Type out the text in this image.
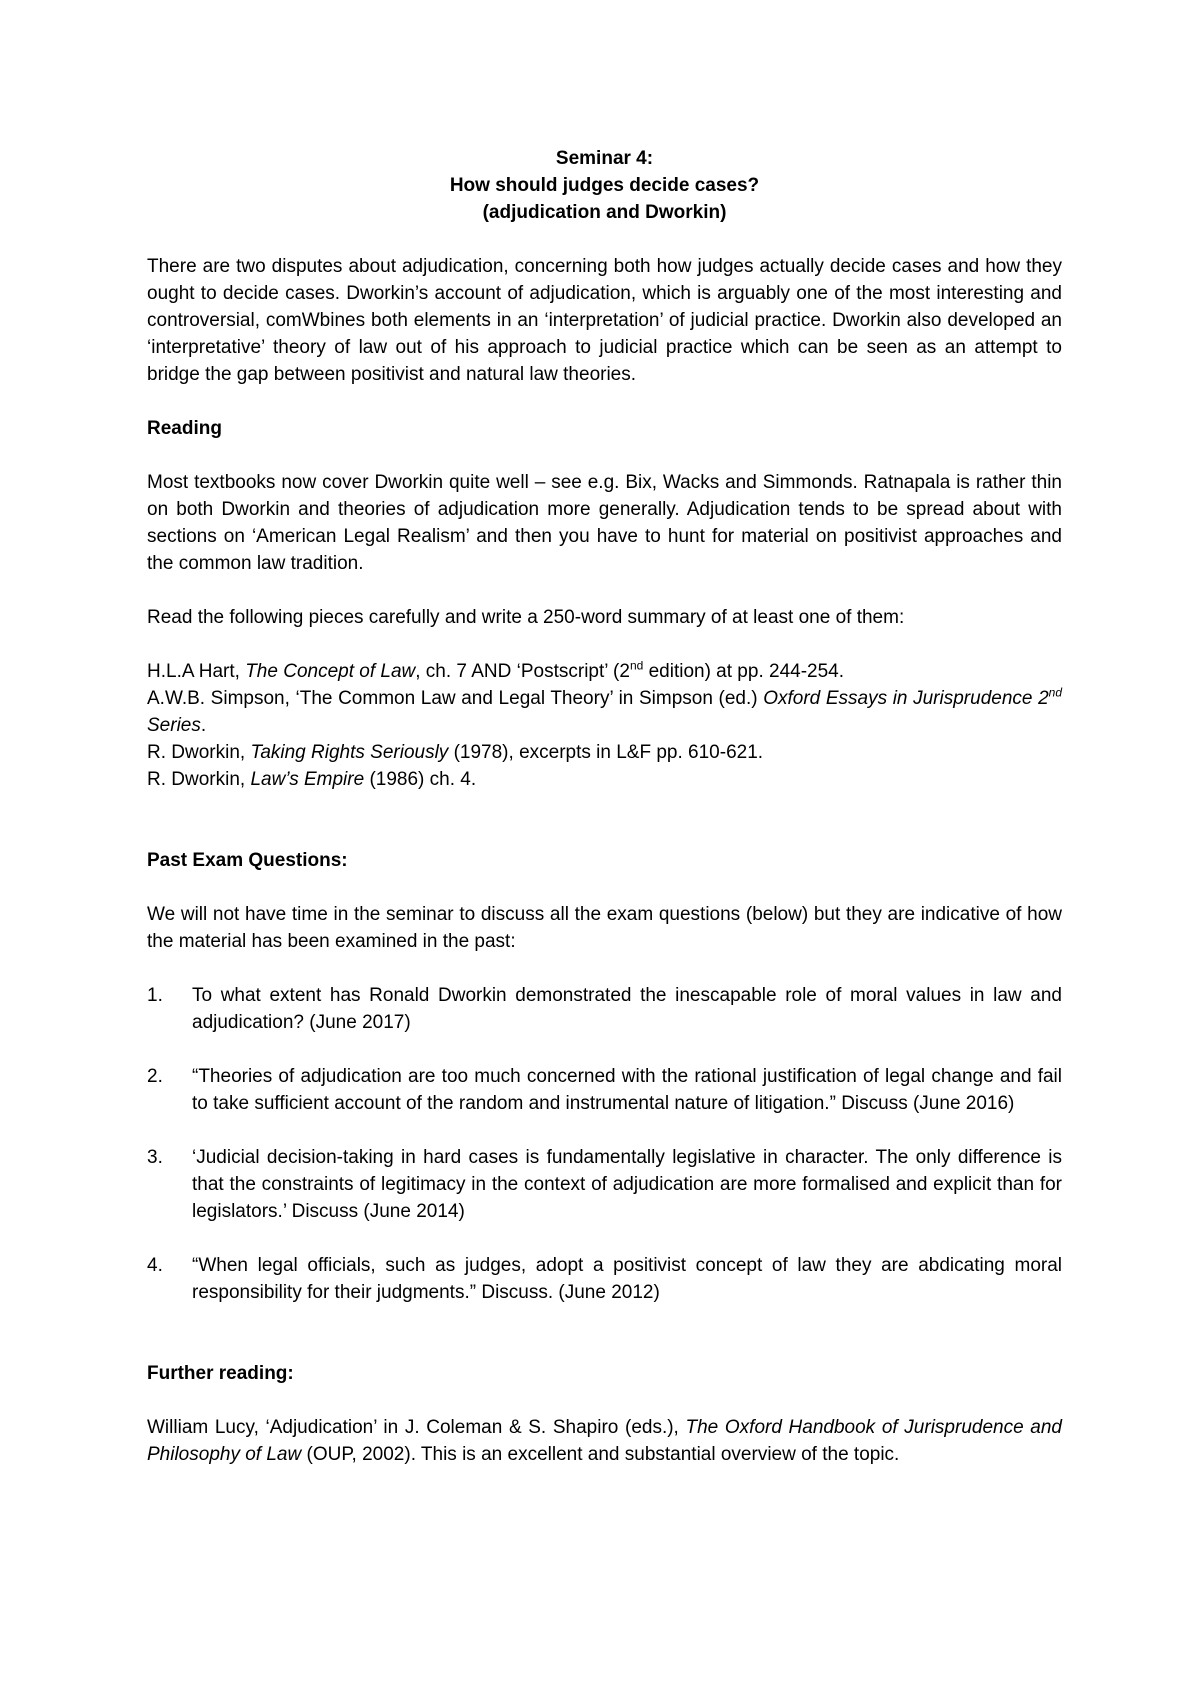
Seminar 4:
How should judges decide cases?
(adjudication and Dworkin)

There are two disputes about adjudication, concerning both how judges actually decide cases and how they ought to decide cases. Dworkin’s account of adjudication, which is arguably one of the most interesting and controversial, comWbines both elements in an ‘interpretation’ of judicial practice. Dworkin also developed an ‘interpretative’ theory of law out of his approach to judicial practice which can be seen as an attempt to bridge the gap between positivist and natural law theories.

Reading

Most textbooks now cover Dworkin quite well – see e.g. Bix, Wacks and Simmonds. Ratnapala is rather thin on both Dworkin and theories of adjudication more generally. Adjudication tends to be spread about with sections on ‘American Legal Realism’ and then you have to hunt for material on positivist approaches and the common law tradition.

Read the following pieces carefully and write a 250-word summary of at least one of them:

H.L.A Hart, The Concept of Law, ch. 7 AND ‘Postscript’ (2nd edition) at pp. 244-254.

A.W.B. Simpson, ‘The Common Law and Legal Theory’ in Simpson (ed.) Oxford Essays in Jurisprudence 2nd Series.

R. Dworkin, Taking Rights Seriously (1978), excerpts in L&F pp. 610-621.

R. Dworkin, Law’s Empire (1986) ch. 4.

Past Exam Questions:

We will not have time in the seminar to discuss all the exam questions (below) but they are indicative of how the material has been examined in the past:

1.	To what extent has Ronald Dworkin demonstrated the inescapable role of moral values in law and adjudication? (June 2017)
2.	“Theories of adjudication are too much concerned with the rational justification of legal change and fail to take sufficient account of the random and instrumental nature of litigation.” Discuss (June 2016)
3.	‘Judicial decision-taking in hard cases is fundamentally legislative in character. The only difference is that the constraints of legitimacy in the context of adjudication are more formalised and explicit than for legislators.’ Discuss (June 2014)
4.	“When legal officials, such as judges, adopt a positivist concept of law they are abdicating moral responsibility for their judgments.” Discuss. (June 2012)

Further reading:

William Lucy, ‘Adjudication’ in J. Coleman & S. Shapiro (eds.), The Oxford Handbook of Jurisprudence and Philosophy of Law (OUP, 2002). This is an excellent and substantial overview of the topic.
